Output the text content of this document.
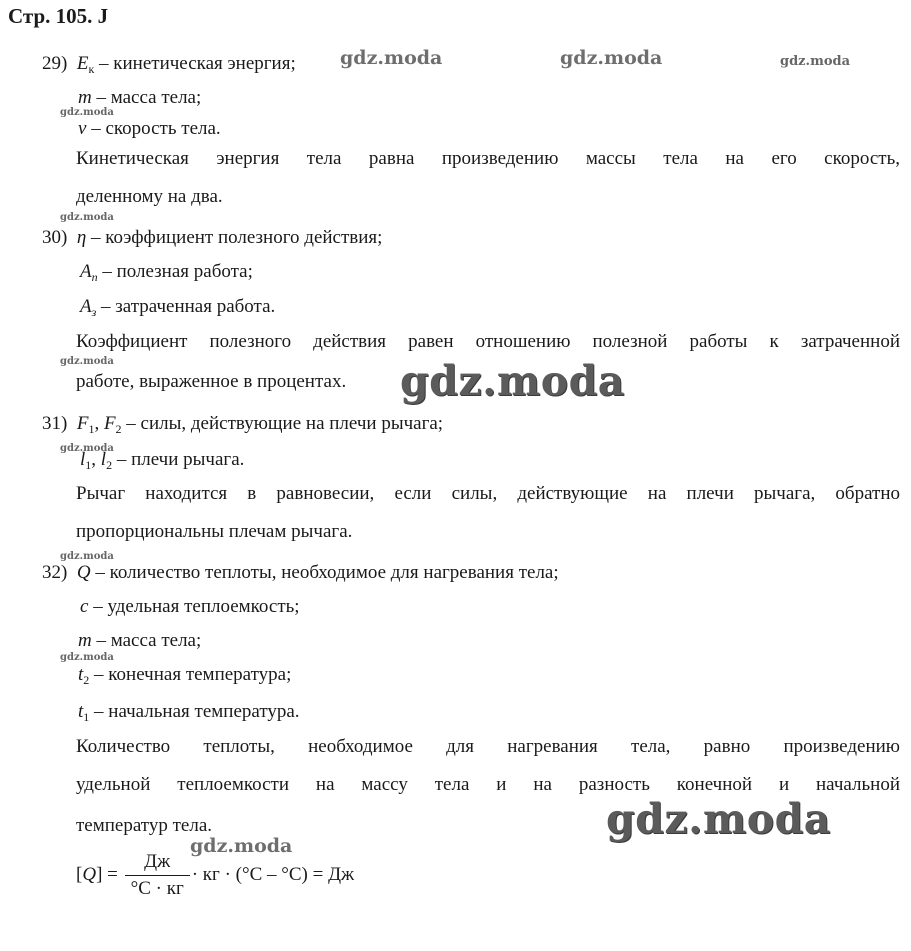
Стр. 105. J
29) $E_к$ – кинетическая энергия;
m – масса тела;
v – скорость тела.
Кинетическая энергия тела равна произведению массы тела на его скорость,
деленному на два.
30) η – коэффициент полезного действия;
$A_п$ – полезная работа;
$A_з$ – затраченная работа.
Коэффициент полезного действия равен отношению полезной работы к затраченной
работе, выраженное в процентах.
31) $F_1$, $F_2$ – силы, действующие на плечи рычага;
$l_1$, $l_2$ – плечи рычага.
Рычаг находится в равновесии, если силы, действующие на плечи рычага, обратно
пропорциональны плечам рычага.
32) Q – количество теплоты, необходимое для нагревания тела;
c – удельная теплоемкость;
m – масса тела;
$t_2$ – конечная температура;
$t_1$ – начальная температура.
Количество теплоты, необходимое для нагревания тела, равно произведению
удельной теплоемкости на массу тела и на разность конечной и начальной
температур тела.
$[Q] = \frac{Дж}{^\circ С \cdot кг}$ · кг · (°С – °С) = Дж
gdz.moda	gdz.moda	gdz.moda
gdz.moda
gdz.moda
gdz.moda	gdz.moda
gdz.moda
gdz.moda
gdz.moda
gdz.moda
gdz.moda
